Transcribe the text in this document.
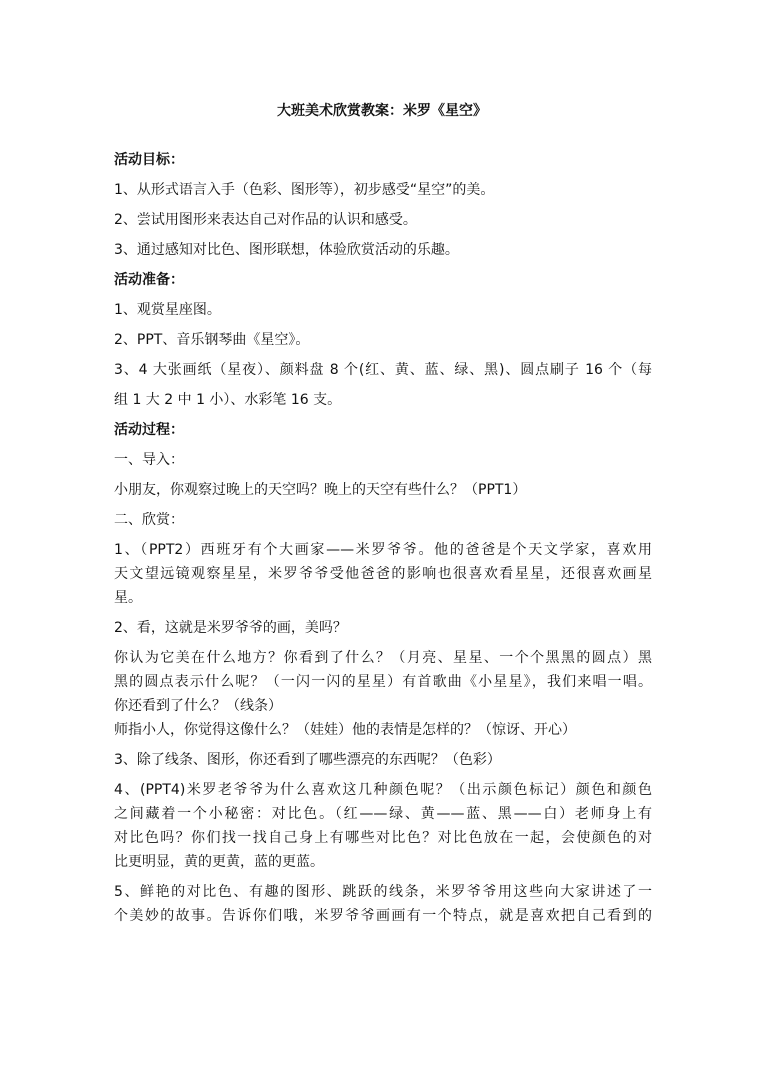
大班美术欣赏教案：米罗《星空》
活动目标：
1、从形式语言入手（色彩、图形等），初步感受“星空”的美。
2、尝试用图形来表达自己对作品的认识和感受。
3、通过感知对比色、图形联想，体验欣赏活动的乐趣。
活动准备：
1、观赏星座图。
2、PPT、音乐钢琴曲《星空》。
3、4 大张画纸（星夜）、颜料盘 8 个(红、黄、蓝、绿、黑)、圆点刷子 16 个（每
组 1 大 2 中 1 小）、水彩笔 16 支。
活动过程：
一、导入：
小朋友，你观察过晚上的天空吗？晚上的天空有些什么？（PPT1）
二、欣赏：
1、（PPT2）西班牙有个大画家——米罗爷爷。他的爸爸是个天文学家，喜欢用
天文望远镜观察星星，米罗爷爷受他爸爸的影响也很喜欢看星星，还很喜欢画星
星。
2、看，这就是米罗爷爷的画，美吗？
你认为它美在什么地方？你看到了什么？（月亮、星星、一个个黑黑的圆点）黑
黑的圆点表示什么呢？（一闪一闪的星星）有首歌曲《小星星》，我们来唱一唱。
你还看到了什么？（线条）
师指小人，你觉得这像什么？（娃娃）他的表情是怎样的？（惊讶、开心）
3、除了线条、图形，你还看到了哪些漂亮的东西呢？（色彩）
4、(PPT4)米罗老爷爷为什么喜欢这几种颜色呢？（出示颜色标记）颜色和颜色
之间藏着一个小秘密：对比色。（红——绿、黄——蓝、黑——白）老师身上有
对比色吗？你们找一找自己身上有哪些对比色？对比色放在一起，会使颜色的对
比更明显，黄的更黄，蓝的更蓝。
5、鲜艳的对比色、有趣的图形、跳跃的线条，米罗爷爷用这些向大家讲述了一
个美妙的故事。告诉你们哦，米罗爷爷画画有一个特点，就是喜欢把自己看到的
